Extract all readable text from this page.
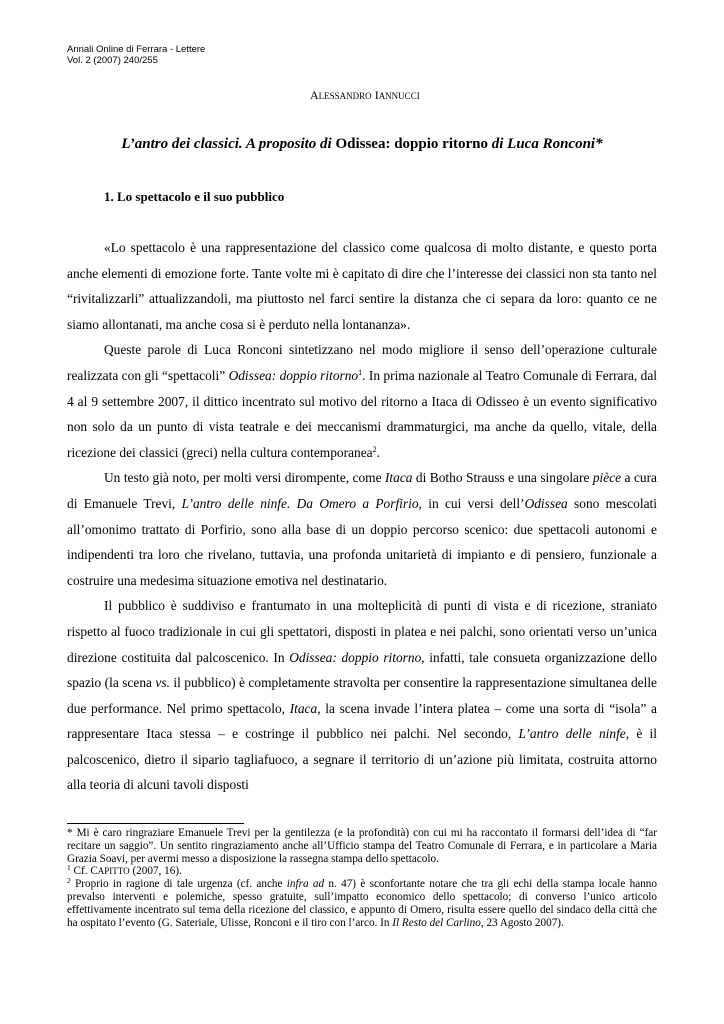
Annali Online di Ferrara - Lettere
Vol. 2 (2007) 240/255
ALESSANDRO IANNUCCI
L’antro dei classici. A proposito di Odissea: doppio ritorno di Luca Ronconi*
1. Lo spettacolo e il suo pubblico

«Lo spettacolo è una rappresentazione del classico come qualcosa di molto distante, e questo porta anche elementi di emozione forte. Tante volte mi è capitato di dire che l’interesse dei classici non sta tanto nel “rivitalizzarli” attualizzandoli, ma piuttosto nel farci sentire la distanza che ci separa da loro: quanto ce ne siamo allontanati, ma anche cosa si è perduto nella lontananza».

Queste parole di Luca Ronconi sintetizzano nel modo migliore il senso dell’operazione culturale realizzata con gli “spettacoli” Odissea: doppio ritorno$^1$. In prima nazionale al Teatro Comunale di Ferrara, dal 4 al 9 settembre 2007, il dittico incentrato sul motivo del ritorno a Itaca di Odisseo è un evento significativo non solo da un punto di vista teatrale e dei meccanismi drammaturgici, ma anche da quello, vitale, della ricezione dei classici (greci) nella cultura contemporanea$^2$.

Un testo già noto, per molti versi dirompente, come Itaca di Botho Strauss e una singolare pièce a cura di Emanuele Trevi, L’antro delle ninfe. Da Omero a Porfirio, in cui versi dell’Odissea sono mescolati all’omonimo trattato di Porfirio, sono alla base di un doppio percorso scenico: due spettacoli autonomi e indipendenti tra loro che rivelano, tuttavia, una profonda unitarietà di impianto e di pensiero, funzionale a costruire una medesima situazione emotiva nel destinatario.

Il pubblico è suddiviso e frantumato in una molteplicità di punti di vista e di ricezione, straniato rispetto al fuoco tradizionale in cui gli spettatori, disposti in platea e nei palchi, sono orientati verso un’unica direzione costituita dal palcoscenico. In Odissea: doppio ritorno, infatti, tale consueta organizzazione dello spazio (la scena vs. il pubblico) è completamente stravolta per consentire la rappresentazione simultanea delle due performance. Nel primo spettacolo, Itaca, la scena invade l’intera platea – come una sorta di “isola” a rappresentare Itaca stessa – e costringe il pubblico nei palchi. Nel secondo, L’antro delle ninfe, è il palcoscenico, dietro il sipario tagliafuoco, a segnare il territorio di un’azione più limitata, costruita attorno alla teoria di alcuni tavoli disposti

* Mi è caro ringraziare Emanuele Trevi per la gentilezza (e la profondità) con cui mi ha raccontato il formarsi dell’idea di “far recitare un saggio”. Un sentito ringraziamento anche all’Ufficio stampa del Teatro Comunale di Ferrara, e in particolare a Maria Grazia Soavi, per avermi messo a disposizione la rassegna stampa dello spettacolo.

$^1$ Cf. CAPITTO (2007, 16).

$^2$ Proprio in ragione di tale urgenza (cf. anche infra ad n. 47) è sconfortante notare che tra gli echi della stampa locale hanno prevalso interventi e polemiche, spesso gratuite, sull’impatto economico dello spettacolo; di converso l’unico articolo effettivamente incentrato sul tema della ricezione del classico, e appunto di Omero, risulta essere quello del sindaco della città che ha ospitato l’evento (G. Sateriale, Ulisse, Ronconi e il tiro con l’arco. In Il Resto del Carlino, 23 Agosto 2007).
